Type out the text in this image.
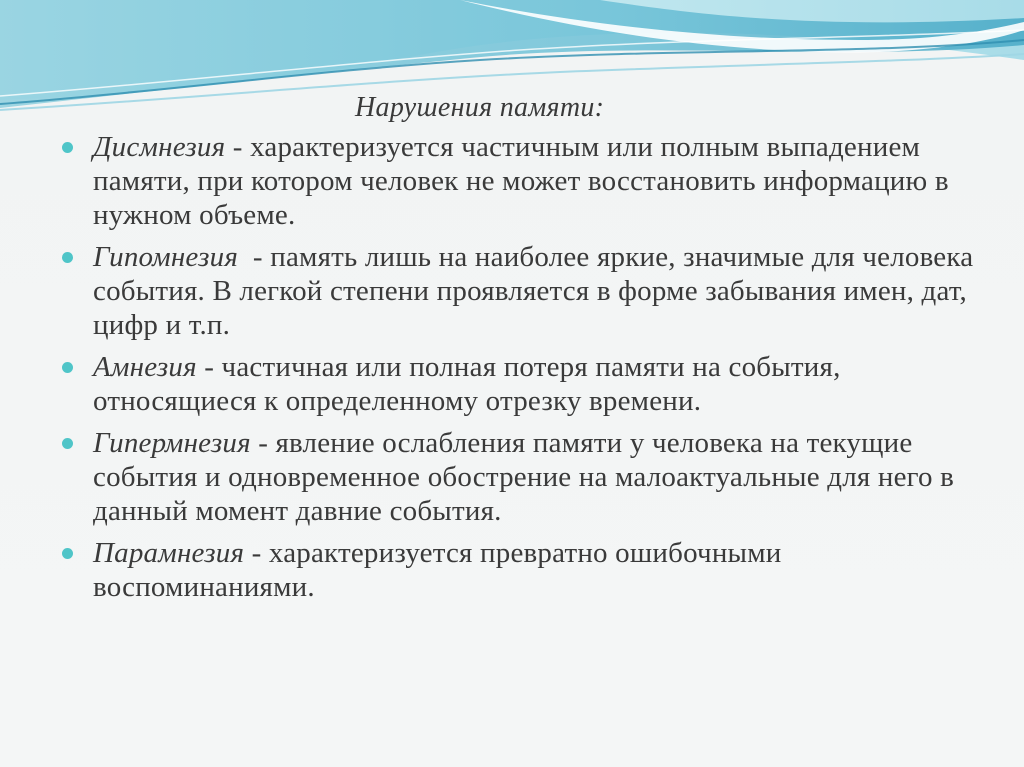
Нарушения памяти:
Дисмнезия - характеризуется частичным или полным выпадением памяти, при котором человек не может восстановить информацию в нужном объеме.
Гипомнезия  - память лишь на наиболее яркие, значимые для человека события. В легкой степени проявляется в форме забывания имен, дат, цифр и т.п.
Амнезия - частичная или полная потеря памяти на события, относящиеся к определенному отрезку времени.
Гипермнезия - явление ослабления памяти у человека на текущие события и одновременное обострение на малоактуальные для него в данный момент давние события.
Парамнезия - характеризуется превратно ошибочными воспоминаниями.
